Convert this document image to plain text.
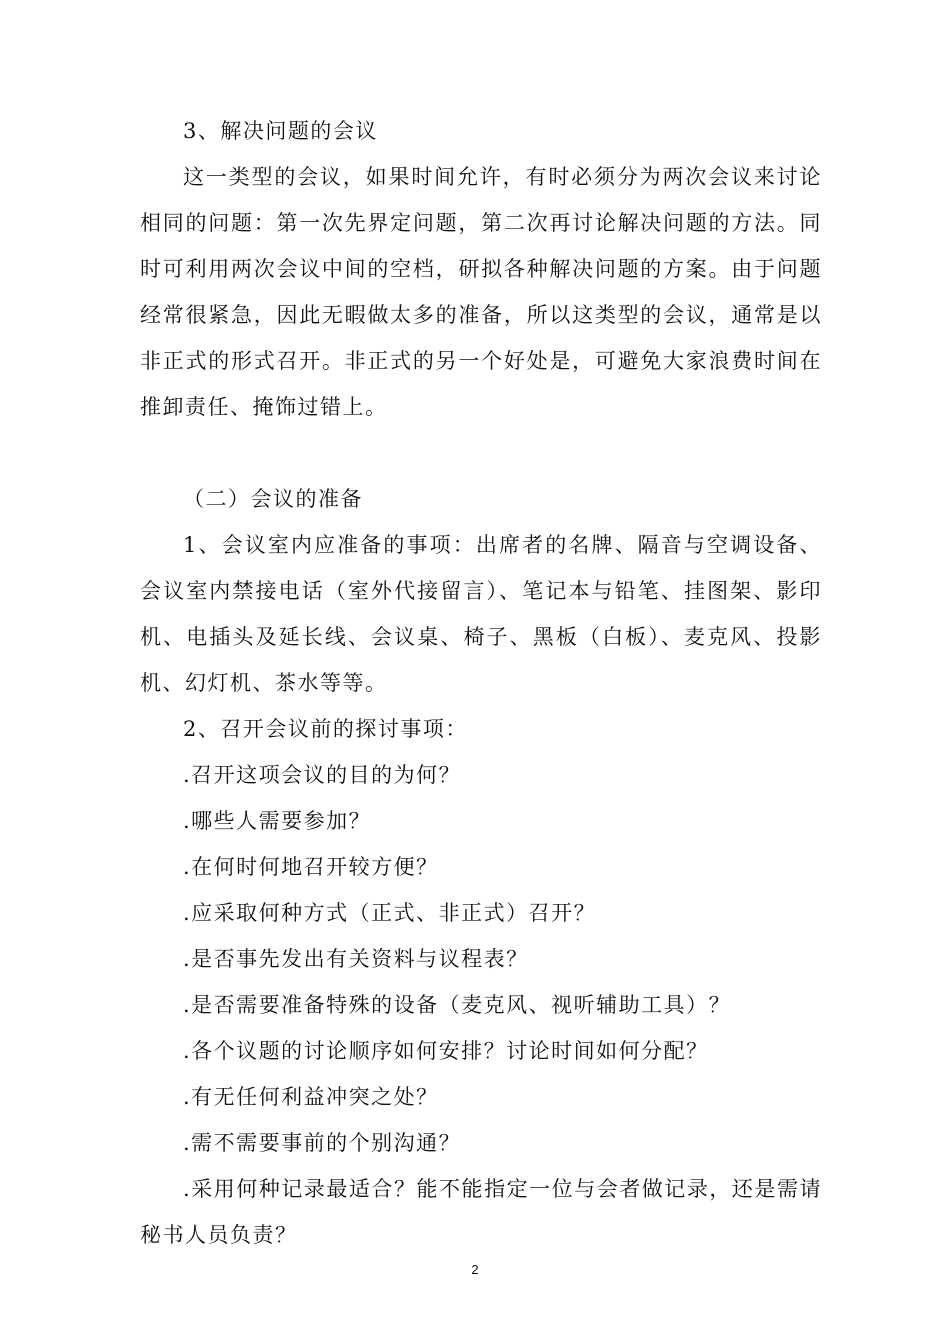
3、解决问题的会议

这一类型的会议，如果时间允许，有时必须分为两次会议来讨论相同的问题：第一次先界定问题，第二次再讨论解决问题的方法。同时可利用两次会议中间的空档，研拟各种解决问题的方案。由于问题经常很紧急，因此无暇做太多的准备，所以这类型的会议，通常是以非正式的形式召开。非正式的另一个好处是，可避免大家浪费时间在推卸责任、掩饰过错上。

（二）会议的准备

1、会议室内应准备的事项：出席者的名牌、隔音与空调设备、会议室内禁接电话（室外代接留言）、笔记本与铅笔、挂图架、影印机、电插头及延长线、会议桌、椅子、黑板（白板）、麦克风、投影机、幻灯机、茶水等等。

2、召开会议前的探讨事项：

.召开这项会议的目的为何？

.哪些人需要参加？

.在何时何地召开较方便？

.应采取何种方式（正式、非正式）召开？

.是否事先发出有关资料与议程表？

.是否需要准备特殊的设备（麦克风、视听辅助工具）？

.各个议题的讨论顺序如何安排？讨论时间如何分配？

.有无任何利益冲突之处？

.需不需要事前的个别沟通？

.采用何种记录最适合？能不能指定一位与会者做记录，还是需请秘书人员负责？

2
